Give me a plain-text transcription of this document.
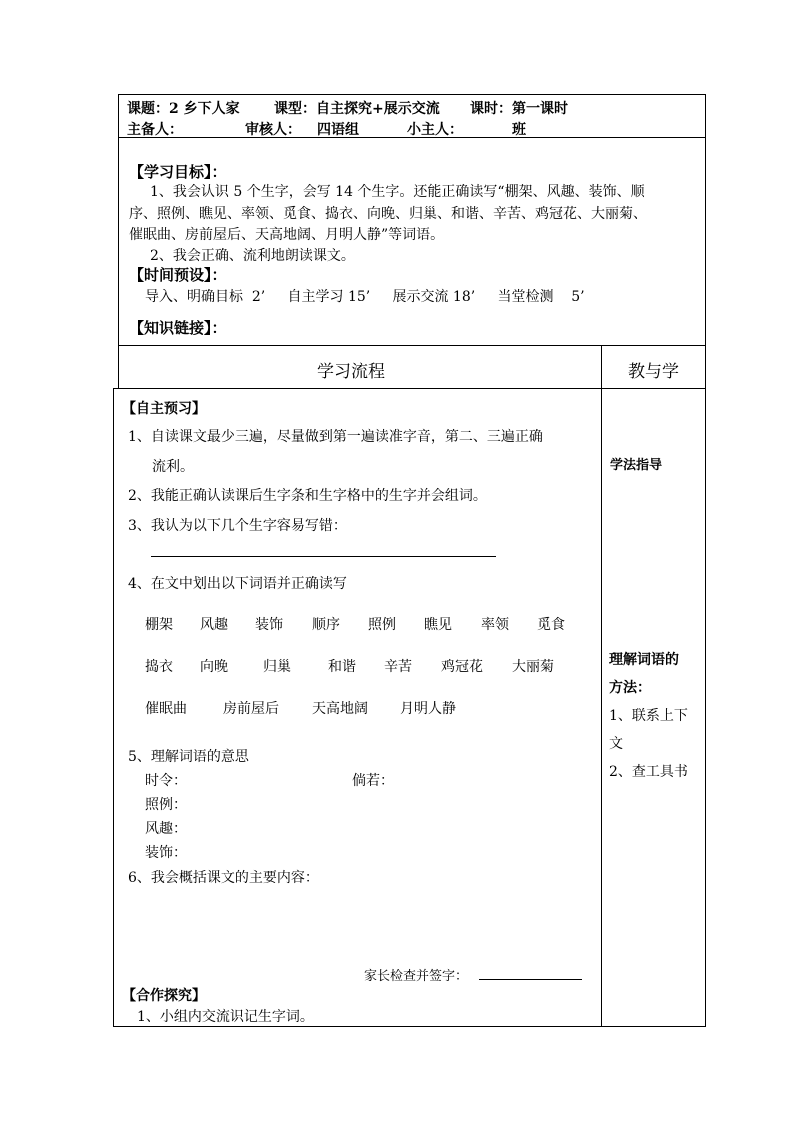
课题：2 乡下人家 课型：自主探究+展示交流 课时：第一课时
主备人：	审核人： 四语组	小主人：	班
【学习目标】：
1、我会认识 5 个生字，会写 14 个生字。还能正确读写“棚架、风趣、装饰、顺
序、照例、瞧见、率领、觅食、捣衣、向晚、归巢、和谐、辛苦、鸡冠花、大丽菊、
催眠曲、房前屋后、天高地阔、月明人静”等词语。
2、我会正确、流利地朗读课文。
【时间预设】：
导入、明确目标  2’     自主学习 15’     展示交流 18’     当堂检测    5’
【知识链接】：
学习流程	教与学
【自主预习】
1、自读课文最少三遍，尽量做到第一遍读准字音，第二、三遍正确
流利。
2、我能正确认读课后生字条和生字格中的生字并会组词。
3、我认为以下几个生字容易写错：
4、在文中划出以下词语并正确读写
棚架 风趣 装饰 顺序 照例 瞧见 率领 觅食
捣衣 向晚	归巢	和谐 辛苦 鸡冠花 大丽菊
催眠曲	房前屋后 天高地阔 月明人静
5、理解词语的意思
时令：	倘若：
照例：
风趣：
装饰：
6、我会概括课文的主要内容：
家长检查并签字：
【合作探究】
1、小组内交流识记生字词。
学法指导
理解词语的
方法：
1、联系上下
文
2、查工具书
